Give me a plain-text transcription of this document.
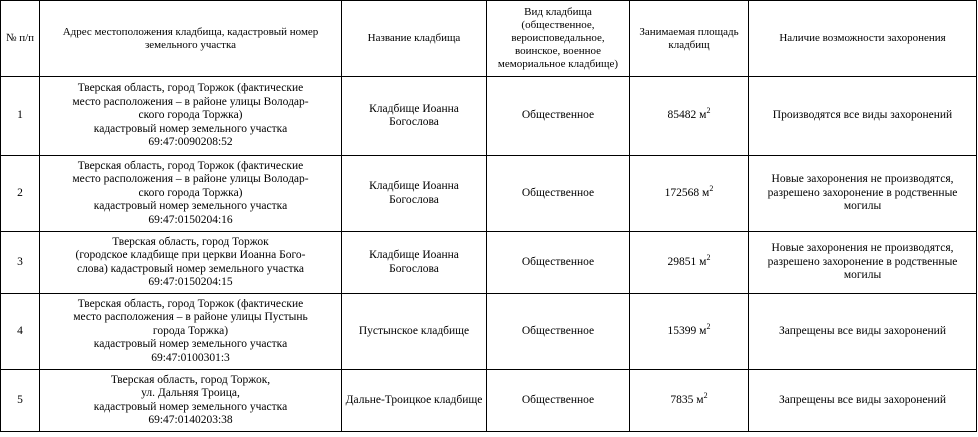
№ п/п	Адрес местоположения кладбища, кадастровый номер земельного участка	Название кладбища	Вид кладбища (общественное, вероисповедальное, воинское, военное мемориальное кладбище)	Занимаемая площадь кладбищ	Наличие возможности захоронения
1	Тверская область, город Торжок (фактические
место расположения – в районе улицы Володар-
ского города Торжка)
кадастровый номер земельного участка
69:47:0090208:52	Кладбище Иоанна Богослова	Общественное	85482 $м^2$	Производятся все виды захоронений
2	Тверская область, город Торжок (фактические
место расположения – в районе улицы Володар-
ского города Торжка)
кадастровый номер земельного участка
69:47:0150204:16	Кладбище Иоанна Богослова	Общественное	172568 $м^2$	Новые захоронения не производятся, разрешено захоронение в родственные могилы
3	Тверская область, город Торжок
(городское кладбище при церкви Иоанна Бого-
слова) кадастровый номер земельного участка
69:47:0150204:15	Кладбище Иоанна Богослова	Общественное	29851 $м^2$	Новые захоронения не производятся, разрешено захоронение в родственные могилы
4	Тверская область, город Торжок (фактические
место расположения – в районе улицы Пустынь
города Торжка)
кадастровый номер земельного участка
69:47:0100301:3	Пустынское кладбище	Общественное	15399 $м^2$	Запрещены все виды захоронений
5	Тверская область, город Торжок,
ул. Дальняя Троица,
кадастровый номер земельного участка
69:47:0140203:38	Дальне-Троицкое кладбище	Общественное	7835 $м^2$	Запрещены все виды захоронений
